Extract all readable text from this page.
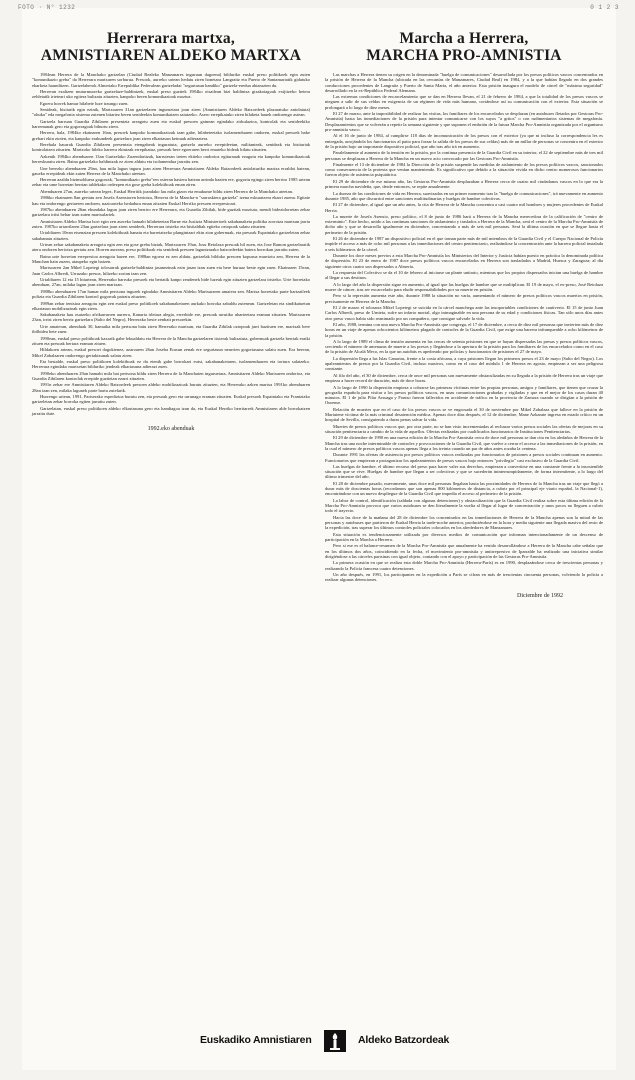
FOTO · N° 1232	0 1 2 3
Herrerara martxa,
AMNISTIAREN ALDEKO MARTXA

1984ean Herrera de la Manchako gartzelan (Ciudad Realeko Manzanares inguruan dagoena) bilduriko euskal preso politikoek egin zuten "komunikazio greba" da Herrerara martxaren sorburua. Presook, aurreko urtean hedatu ziren honetara Langraitz eta Puerto de Santamariatik gidatuko ekarketa haunditzen. Gartzelaberok Almeriako Errepublika Federalean gartzeladat "segurtasun handiko" gartzela-eredua abiarazten du.

Herreran ezaltzen muturmurreko gartzelaze-baldintzek, euskal preso guztiek 1984ko otsailean bizi baldintza gizakoiagoak exijitzeko betera zeldetatik irteteari uko egitera bultzatu zituzten, kanpoko beren komunikazioak moztuz.

Egoera horrek hamar hilabete luze iraungo zuen.

Senideak, bisitarik egin ezinik, Martxoaren 31an gartzelaren inguruetara joan ziren (Amnistiaren Aldeko Batzordeek plazaratuko antolatuta) "ohuka" eda megafonia xistema zutenen bitartez beren senideekin komunikatzen saiatzeko. Asero errepikatuko ziren bilaketa hauek ondorengo astean.

Gartzela barruan Guardia Zibilaren presentzia areagotu zuen eta euskal presoen gainean egindako zirkulazioa, kontrolak eta senideekiko harremanak gero eta gogorragoak bihurtu ziren.

Herrera, hala, 1984ko ekainaren 16an, presoek kanpoko komunikazioak izan gabe, hilabeteetako isolamenduaren ondoren, euskal presoek bake grebari ekin zioten, eta kanpoko erakundeek gartzelara joan ziren elkartasun keinuak adieraztera.

Berehala haurrak Guardia Zibilaren presentzia etengabeak inguratuta, gartzela aurreko errepideetan, militanteak, senideak eta bisitariak kontrolatzen zituzten. Martxoko hileko harrera ekintzak errepikatuz, presoak bere egoeraren berri emateko bideak bilatu zituzten.

Azkenik 1984ko abenduaren 13an Gartzelako Zuzendaritzak, barruteran ireten ekiteko ondorioz egitarauak ezagutu eta kanpoko komunikazioak berreskuratu ziren. Baina gartzelako baldintzak ez ziren aldatu eta isolamendua jarraitu zen.

Une berezko abenduaren 29an, hau mila lagun inguru joan ziren Herrerara Amnistiaren Aldeko Batzordeek antolaturiko martxa erraldoi batean, gaueko errepideak ekin zuten Herrera de la Manchako ateetan.

Herreran azaldu bizimolduera gogorrak, "komunikazio greba"ren osteran hasiera batean arrinda bazien ere, gogortu egingo ziren berriro 1985 urtean zehar eta ume horretan berrian taldekako ordezpen eta gose greba kolektiboak eman ziren.

Abenduaren 27an, aurreko urtean legez, Euskal Herritik joandako lau mila gizon eta emakume bildu ziren Herrera de la Manchako ateetan.

1986ko ekainaren 8an gertatu zen Josefa Asensioren heriotza, Herrera de la Mancha-n "sarraskiera gartzela" izena eskuratzera ekarri zuena. Egitate hau eta ondorengo gertaeren ondoren, nazioarteko hedadura eman zitzaien Euskal Herriko presoen errepresioari.

1987ko abenduaren 26an ehundaka lagun joan ziren berriro ere Herrerara, eta Guardia Zibilak, bide guztiak moztuta, mendi bidezidorretan zehar gartzelara iritsi behar izan zuten martxalariek.

Amnistiaren Aldeko Martxa hori egin zen aurreko hamabi hilabeteetan Barne eta Justizia Ministerioek sakabanaketa politika zorrotza martxan jarria zuten. 1987ko urtarrilaren 23an gartzelara joan ziren senideek, Herrerara iristeko eta bisitaldiak egiteko oztopoak salatu zituzten.

Urtaldiaren 10ean etsenzian presoen kolektiboak banatu eta barreiatzeko plangintzari ekin zion gobernuak, eta presoak Espainiako gartzeletan zehar sakabanatu zituzten.

Urtean zehar sakabanaketa areagotu egin zen eta gose greba biziak, Martxoaren 19an, Josu Retolaza presoak hil zuen, eta Jose Ramon gartzelaratik atera ondoren heriotza gertatu zen. Horren aurrean, preso politikoak eta senideak presoen laguntzarako batzordeekin batera borrokan jarraitu zuten.

Baina urte horretan errepresioa areagotu bazen ere, 1988an egoera ez zen aldatu, gartzelak bilduko presoen kopurua murriztu zen, Herrera de la Manchan hain zuzen, ataupeko egin baizen.

Martxoaren 2an Mikel Lopetegi tolosarrak gartzela-baldintza jasanezinak ezin jasan izan zuen eta bere buruaz beste egin zuen. Ekainaren 15ean, Juan Carlos Albredi, Urruzako presoa, hiltzeko zorian izan zen.

Urtaldiaren 12 eta 15 bitartean, Herrerako barruko presoek eta bertatik kanpo zeudenek bide luzeak egin zituzten gartzelara iristeko. Urte horretako abenduan, 27an, milaka lagun joan ziren martxan.

1988ko abenduaren 17an hamar mila pertsona ingurek egindako Amnistiaren Aldeko Martxararen amaiera zen. Martxa horretako parte hartzaileek polizia eta Guardia Zibilaren kontrol gogorrak pairatu zituzten.

1989an zehar tentsioa areagotu egin zen euskal preso politikoek sakabanaketaren aurkako borroka zabaldu zutenean. Gartzeletan eta sindikatuetan elkartasun mobilizazioak egin ziren.

Sakabanaketa hau osatzeko afrikarrarren aurrera, Kanaria irletara alegia, errerbide ere, presoak urrutiko uharteetara eraman zituzten. Martxoaren 23an, irrist ziren berriz gartzelara (Salto del Negro), Herrerako beste zenbait presorekin.

Urte amaieran, abenduak 30, hamaika mila pertsona batu ziren Herrerako martxan, eta Guardia Zibilak oztopoak jarri bazituen ere, martxak bere ibilbidea bete zuen.

1990ean, euskal preso politikoak kaxarik gabe lekualdatu eta Herrera de la Mancha gartzelaren itxierak bultzatuta, gobernuak gartzela berriak eraiki zituen eta presoak bertara eraman zituen.

Hildakoen artean, euskal presoei dagokienez, azaroaren 26an Joseba Erasun zenak ere segurtasun neurrien gogortasuna salatu zuen. Era berean, Mikel Zabalzaren ondorengo gertakizunak salatu ziren.

Eta bestalde, euskal preso politikoen kolektiboak ez du etenik gabe borrokari eutsi, sakabanaketaren, isolamenduaren eta tortura salatzeko. Herrerara egindako martxetan bilduriko jendeak elkartasuna adierazi zuen.

1990eko abenduaren 29an hamabi mila bat pertsona bildu ziren Herrera de la Manchaten inguruetara, Amnistiaren Aldeko Martxaren ondorioz, eta Guardia Zibilaren kontrolak errepide guztietan ezarri zituzten.

1991n zehar ere Amnistiaren Aldeko Batzordeek presoen aldeko mobilizazioak burutu zituzten, eta Herrerako azken martxa 1991ko abenduaren 28an izan zen, milaka lagunek parte hartu zutelarik.

Hurrengo urtean, 1991, Pariserako espedizioa burutu zen, eta presoak gero eta urrunago eraman zituzten. Euskal presoek Espainiako eta Frantziako gartzeletan zehar borroka egiten jarraitu zuten.

Gartzelatan, euskal preso politikoen aldeko elkartasuna gero eta handiagoa izan da, eta Euskal Herriko herritarrek Amnistiaren alde borrokatzen jarraitu dute.

1992.eko abenduak
Marcha a Herrera,
MARCHA PRO-AMNISTIA

Las marchas a Herrera tienen su origen en la denominada "huelga de comunicaciones" desarrollada por los presos políticos vascos concentrados en la prisión de Herrera de la Mancha (ubicada en las cercanías de Manzanares, Ciudad Real) en 1984, y a la que habían llegado en dos grandes conducciones procedentes de Langraitz y Puerto de Santa María, el año anterior. Esta prisión inaugura el modelo de cárcel de "máxima seguridad" desarrollado en la ex-República Federal Alemana.

Las extremas condiciones de encarcelamiento que se dan en Herrera llevan, el 21 de febrero de 1984, a que la totalidad de los presos vascos se nieguen a salir de sus celdas en exigencia de un régimen de vida más humano, cortándose así su comunicación con el exterior. Esta situación se prolongará a lo largo de diez meses.

El 27 de marzo, ante la imposibilidad de realizar las visitas, los familiares de los encarcelados se desplazan (en autobuses fletados por Gestoras Pro-Amnistía) hasta las inmediaciones de la prisión para intentar comunicarse con los suyos "a gritos" o con rudimentarios sistemas de megafonía. Desplazamientos que se volverán a repetir la semana siguiente y que suponen el embrión de la futura Marcha Pro-Amnistía organizada por el organismo pro-amnistía vasco.

Al el 16 de junio de 1984, al cumplirse 118 días de incomunicación de los presos con el exterior (ya que ni incluso la correspondencia les es entregada, arrojándola los funcionarios al patio para forzar la salida de los presos de sus celdas) más de un millar de personas se concentra en el exterior de la prisión bajo un importante dispositivo policial, que año tras año irá en aumento.

Paralelamente al aumento de la tensión en la prisión, por la continua presencia de la Guardia Civil en su interior, el 22 de septiembre más de tres mil personas se desplazan a Herrera de la Mancha en un nuevo acto convocado por las Gestoras Pro-Amnistía.

Finalmente el 13 de diciembre de 1984 la Dirección de la prisión suspende las medidas de aislamiento de los presos políticos vascos, sancionados como consecuencia de la protesta que venían manteniendo. Es significativo que debido a la situación vivida en dicho centro numerosos funcionarios fueron objeto de asistencia psiquiátrica.

El 29 de diciembre de ese mismo año, las Gestoras Pro-Amnistía desplazaban a Herrera cerca de cuatro mil ciudadanos vascos en lo que era la primera marcha navideña, que, desde entonces, se repite anualmente.

La dureza de las condiciones de vida en Herrera, suavizadas en un primer momento tras la "huelga de comunicaciones", irá nuevamente en aumento durante 1985, año que discurrirá entre sanciones multitudinarias y huelgas de hambre colectivas.

El 27 de diciembre, al igual que un año antes, la cita de Herrera de la Mancha concentra a casi cuatro mil hombres y mujeres procedentes de Euskal Herria.

La muerte de Josefa Asensio, preso político, el 8 de junio de 1986 hará a Herrera de la Mancha merecedora de la calificación de "centro de exterminio". Este hecho, unido a las continuas sanciones de aislamiento y traslados a Herrera de la Mancha, será el centro de la Marcha Pro-Amnistía de dicho año y que se desarrolla igualmente en diciembre, concentrando a más de seis mil personas. Será la última ocasión en que se llegue hasta el perímetro de la prisión.

El 26 de diciembre de 1987 un dispositivo policial en el que toman parte más de mil miembros de la Guardia Civil y el Cuerpo Nacional de Policía impide el acceso a más de ocho mil personas a las inmediaciones del centro penitenciario, realizándose la concentración ante la barrera policial instalada a seis kilómetros de la cárcel.

Durante los doce meses previos a esta Marcha Pro-Amnistía los Ministerios del Interior y Justicia habían puesto en práctica la denominada política de dispersión. El 23 de enero de 1987 doce presos políticos vascos encarcelados en Herrera son trasladados a Madrid, Huesca y Zaragoza; al día siguiente otros cuatro son dispersados a Almería.

La respuesta del Colectivo se da el 10 de febrero al iniciarse un plante unitario, mientras que los propios dispersados inician una huelga de hambre al llegar a sus destinos.

A lo largo del año la dispersión sigue en aumento, al igual que las huelgas de hambre que se multiplican. El 19 de mayo, el ex-preso, José Retolaza muere de cáncer, tras ser excarcelado para eludir responsabilidades por su muerte en prisión.

Pero si la represión aumenta este año, durante 1988 la situación no varía, aumentando el número de presos políticos vascos muertos en prisión, precisamente en Herrera de la Mancha.

El 2 de marzo el tolosarra Mikel Lopetegi se suicida en la cárcel manchega ante las insoportables condiciones de cautiverio. El 15 de junio Juan Carlos Albredi, preso de Urnieta, sufre un infarto mortal, algo inimaginable en una persona de su edad y condiciones físicas. Tan sólo unos días antes otro preso vasco había sido reanimado por un compañero, que consigue salvarle la vida.

El año, 1988, termina con una nueva Marcha Pro-Amnistía que congrega, el 17 de diciembre, a cerca de diez mil personas que invierten más de diez horas en un viaje de apenas ochocientos kilómetros plagado de controles de la Guardia Civil, que exige una barrera infranqueable a ocho kilómetros de la prisión.

A lo largo de 1989 el clima de tensión aumenta en las cercas de setenta prisiones en que se hayan dispersadas las presas y presos políticos vascos, creciendo el número de amenazas de muerte a los presos y llegándose a la apertura de la prisión para los familiares de los encarcelados como en el caso de la prisión de Alcalá Meco, en la que un autobús es apedreado por policías y funcionarios de prisiones el 27 de mayo.

La dispersión llega a las Islas Canarias, frente a la costa africana, a cuya prisiones llegan los primeros presos el 23 de mayo (Salto del Negro). Los apaleamientos de presos por la Guardia Civil, incluso masivos, como en el caso del módulo 1 de Herrera en agosto, empiezan a ser una peligrosa constante.

Al filo del año, el 30 de diciembre, cerca de once mil personas son nuevamente obstaculizadas en su llegada a la prisión de Herrera tras un viaje que empieza a hacer record de duración, más de doce horas.

A lo largo de 1990 la dispersión empieza a cobrarse las primeras víctimas entre las propias personas, amigos y familiares, que tienen que cruzar la geografía española para visitar a los presos políticos vascos, en unas comunicaciones grabadas y vigiladas y que en el mejor de los casos duran 40 minutos. El 1 de julio Pilar Arsuaga y Fontso fueron fallecidos en accidente de tráfico en la provincia de Zamora cuando se dirigían a la prisión de Ourense.

Relación de muertes que en el caso de los presos vascos se ve engrosada el 30 de noviembre por Mikel Zabalzaz que fallece en la prisión de Martutene víctima de la más criminal desatención médica. Apenas doce días después, el 12 de diciembre, Mane Azkarate ingresa en estado crítico en un hospital de Sevilla, consiguiendo a duras penas salvar la vida.

Muertes de presos políticos vascos que, por otra parte, no se han visto incrementadas al rechazar varios presos sociales las ofertas de mejoras en su situación penitenciaria a cambio de la vida de aquellos. Ofertas realizadas por cualificados funcionarios de Instituciones Penitenciarias.

El 29 de diciembre de 1990 en una nueva edición de la Marcha Pro-Amnistía cerca de doce mil personas se dan cita en los aledaños de Herrera de la Mancha tras una noche interminable de controles y provocaciones de la Guardia Civil, que vuelve a cerrar el acceso a las inmediaciones de la prisión, en la cual el número de presos políticos vascos apenas llega a los treinta cuando un par de años antes rozaba la centena.

Durante 1991 las ofertas de asistencia por presos políticos vascos realizadas por funcionarios de prisiones a presos sociales continuan en aumento. Funcionarios que empiezan a protagonizar los apaleamientos de presos vascos bajo entonces "privilegio" casi exclusivo de la Guardia Civil.

Las huelgas de hambre, el último recurso del preso para hacer valer sus derechos, empiezan a convertirse en una constante frente a la insostenible situación que se vive. Huelgas de hambre que llegan a ser colectivas y que se sucederán ininterrumpidamente, de forma intermitente, a lo largo del último trimestre del año.

El 28 de diciembre pasado, nuevamente, unas doce mil personas llegaban hasta las proximidades de Herrera de la Mancha tras un viaje que llegó a durar más de doscientas horas (recordamos que son apenas 800 kilómetros de distancia, a cubrir por el principal eje viario español, la Nacional-1), encontrándose con un nuevo despliegue de la Guardia Civil que impedía el acceso al perímetro de la prisión.

La labor de control, identificación (saldada con algunas detenciones) y obstaculización que la Guardia Civil realiza sobre esta última edición de la Marcha Pro-Amnistía provoca que varios autobuses se den literalmente la vuelta al llegar al lugar de concentración y unos pocos no lleguen a cubrir todo el trayecto.

Hacia las doce de la mañana del 28 de diciembre los concentrados en las inmediaciones de Herrera de la Mancha apenas son la mitad de las personas y autobuses que partieron de Euskal Herria la tarde-noche anterior, produciéndose en la hora y media siguiente una llegada masiva del resto de la expedición, tras superar los últimos controles policiales colocados en los alrededores de Manzanares.

Esta situación es tendenciosamente utilizada por diversos medios de comunicación que informan intencionadamente de un descenso de participación en la Marcha a Herrera.

Pero si ese es el balance-resumen de la Marcha Pro-Amnistía que anualmente ha venido desarrollándose a Herrera de la Mancha cabe señalar que en los últimos dos años, coincidiendo en la fecha, el movimiento pro-amnistía y antirrepresivo de Iparralde ha realizado una iniciativa similar dirigiéndose a las cárceles parisinas con igual objeto, contando con el apoyo y participación de las Gestoras Pro-Amnistía.

La primera ocasión en que se realiza esta doble Marcha Pro-Amnistía (Herrera-París) es en 1990, desplazándose cerca de trescientas personas y realizando la Policía francesa cuatro detenciones.

Un año después, en 1991, los participantes en la expedición a París se cifran en más de trescientas cincuenta personas, volviendo la policía a realizar algunas detenciones.

Diciembre de 1992
Euskadiko Amnistiaren	Aldeko Batzordeak
